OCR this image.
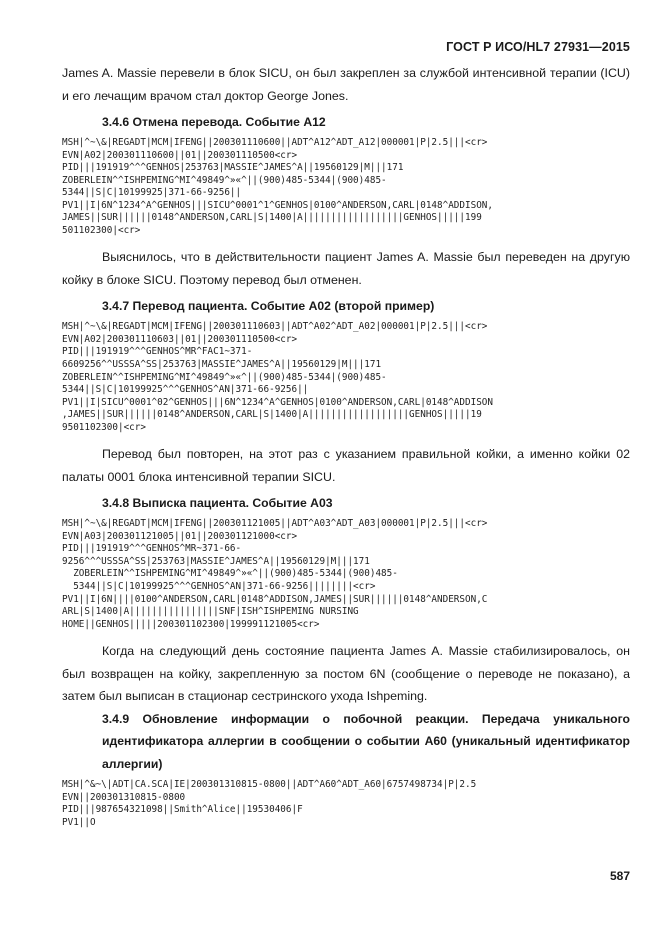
ГОСТ Р ИСО/HL7 27931—2015

James A. Massie перевели в блок SICU, он был закреплен за службой интенсивной терапии (ICU) и его лечащим врачом стал доктор George Jones.

3.4.6 Отмена перевода. Событие A12

MSH|^~\&|REGADT|MCM|IFENG||200301110600||ADT^A12^ADT_A12|000001|P|2.5|||<cr>
EVN|A02|200301110600||01||200301110500<cr>
PID|||191919^^^GENHOS|253763|MASSIE^JAMES^A||19560129|M|||171
ZOBERLEIN^^ISHPEMING^MI^49849^»«^||(900)485-5344|(900)485-
5344||S|C|10199925|371-66-9256||
PV1||I|6N^1234^A^GENHOS|||SICU^0001^1^GENHOS|0100^ANDERSON,CARL|0148^ADDISON,
JAMES||SUR||||||0148^ANDERSON,CARL|S|1400|A||||||||||||||||||GENHOS|||||199
501102300|<cr>

Выяснилось, что в действительности пациент James A. Massie был переведен на другую койку в блоке SICU. Поэтому перевод был отменен.

3.4.7 Перевод пациента. Событие A02 (второй пример)

MSH|^~\&|REGADT|MCM|IFENG||200301110603||ADT^A02^ADT_A02|000001|P|2.5|||<cr>
EVN|A02|200301110603||01||200301110500<cr>
PID|||191919^^^GENHOS^MR^FAC1~371-
6609256^^USSSA^SS|253763|MASSIE^JAMES^A||19560129|M|||171
ZOBERLEIN^^ISHPEMING^MI^49849^»«^||(900)485-5344|(900)485-
5344||S|C|10199925^^^GENHOS^AN|371-66-9256||
PV1||I|SICU^0001^02^GENHOS|||6N^1234^A^GENHOS|0100^ANDERSON,CARL|0148^ADDISON
,JAMES||SUR||||||0148^ANDERSON,CARL|S|1400|A||||||||||||||||||GENHOS|||||19
9501102300|<cr>

Перевод был повторен, на этот раз с указанием правильной койки, а именно койки 02 палаты 0001 блока интенсивной терапии SICU.

3.4.8 Выписка пациента. Событие A03

MSH|^~\&|REGADT|MCM|IFENG||200301121005||ADT^A03^ADT_A03|000001|P|2.5|||<cr>
EVN|A03|200301121005||01||200301121000<cr>
PID|||191919^^^GENHOS^MR~371-66-
9256^^^USSSA^SS|253763|MASSIE^JAMES^A||19560129|M|||171
ZOBERLEIN^^ISHPEMING^MI^49849^»«^||(900)485-5344|(900)485-
5344||S|C|10199925^^^GENHOS^AN|371-66-9256||||||||<cr>
PV1||I|6N||||0100^ANDERSON,CARL|0148^ADDISON,JAMES||SUR||||||0148^ANDERSON,C
ARL|S|1400|A||||||||||||||||SNF|ISH^ISHPEMING NURSING
HOME||GENHOS|||||200301102300|199991121005<cr>

Когда на следующий день состояние пациента James A. Massie стабилизировалось, он был возвращен на койку, закрепленную за постом 6N (сообщение о переводе не показано), а затем был выписан в стационар сестринского ухода Ishpeming.

3.4.9 Обновление информации о побочной реакции. Передача уникального идентификатора аллергии в сообщении о событии A60 (уникальный идентификатор аллергии)

MSH|^&~\|ADT|CA.SCA|IE|200301310815-0800||ADT^A60^ADT_A60|6757498734|P|2.5
EVN||200301310815-0800
PID|||987654321098||Smith^Alice||19530406|F
PV1||O
587
